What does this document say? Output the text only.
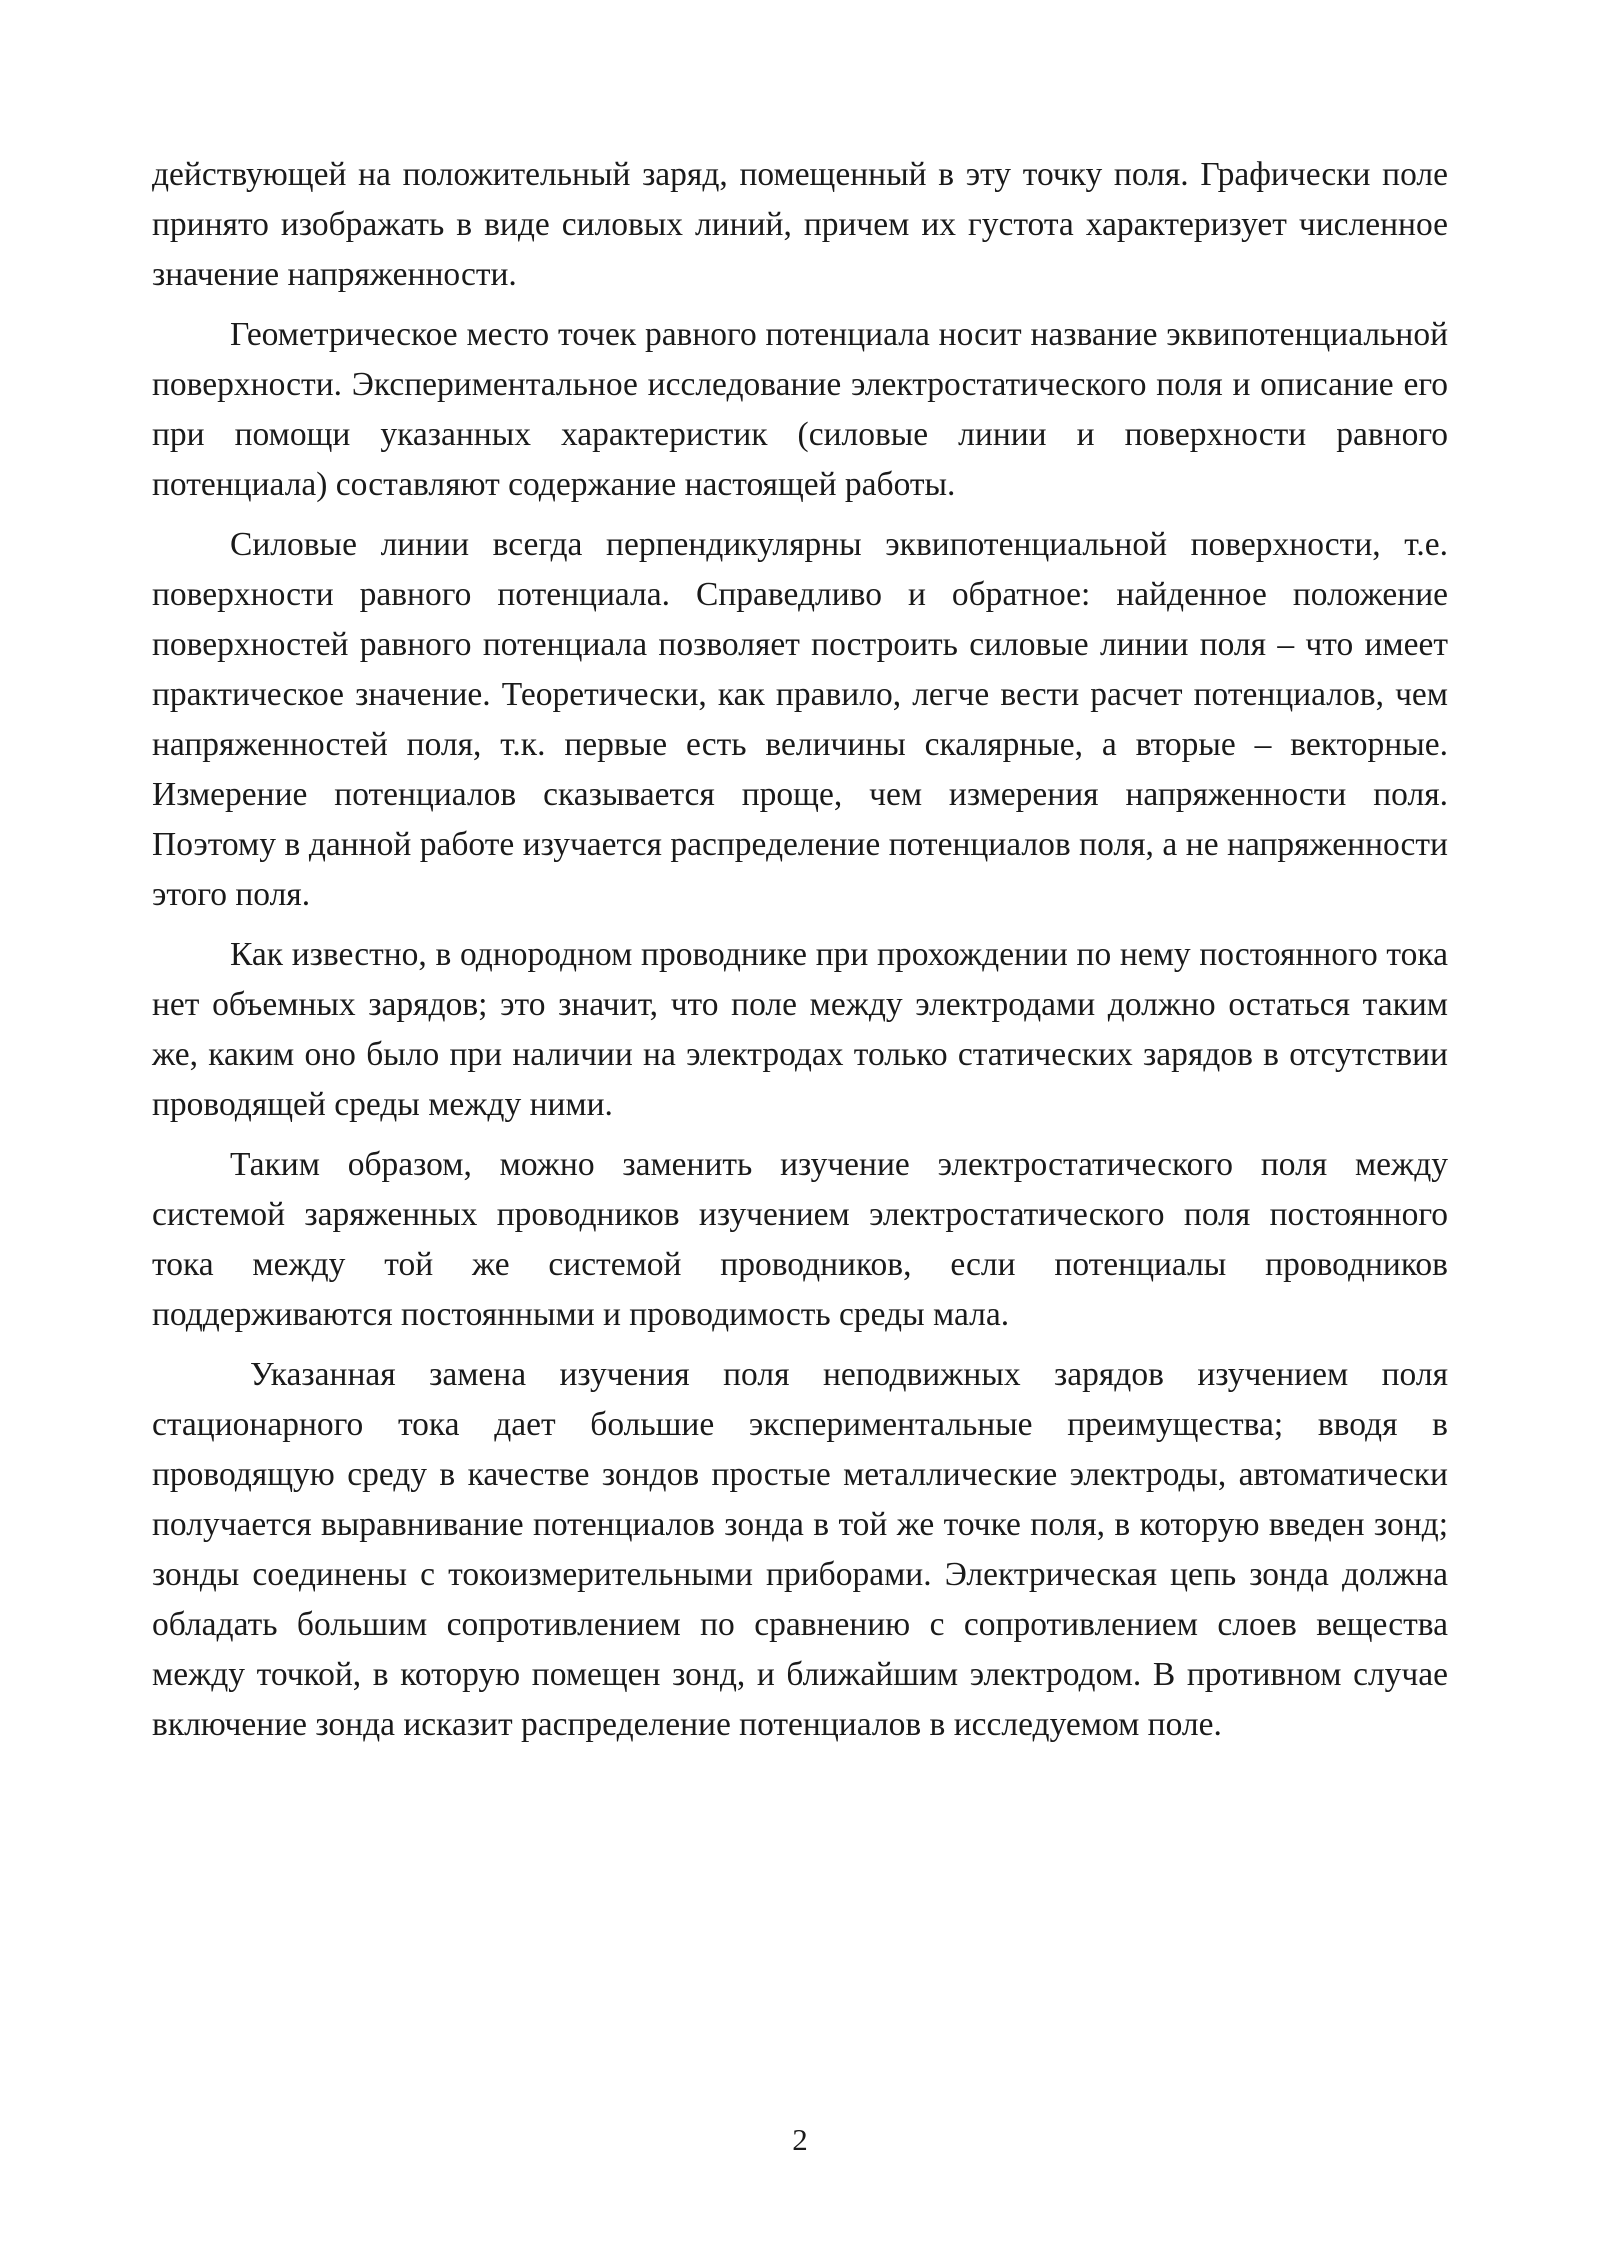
действующей на положительный заряд, помещенный в эту точку поля. Графически поле принято изображать в виде силовых линий, причем их густота характеризует численное значение напряженности.

Геометрическое место точек равного потенциала носит название эквипотенциальной поверхности. Экспериментальное исследование электростатического поля и описание его при помощи указанных характеристик (силовые линии и поверхности равного потенциала) составляют содержание настоящей работы.

Силовые линии всегда перпендикулярны эквипотенциальной поверхности, т.е. поверхности равного потенциала. Справедливо и обратное: найденное положение поверхностей равного потенциала позволяет построить силовые линии поля – что имеет практическое значение. Теоретически, как правило, легче вести расчет потенциалов, чем напряженностей поля, т.к. первые есть величины скалярные, а вторые – векторные. Измерение потенциалов сказывается проще, чем измерения напряженности поля. Поэтому в данной работе изучается распределение потенциалов поля, а не напряженности этого поля.

Как известно, в однородном проводнике при прохождении по нему постоянного тока нет объемных зарядов; это значит, что поле между электродами должно остаться таким же, каким оно было при наличии на электродах только статических зарядов в отсутствии проводящей среды между ними.

Таким образом, можно заменить изучение электростатического поля между системой заряженных проводников изучением электростатического поля постоянного тока между той же системой проводников, если потенциалы проводников поддерживаются постоянными и проводимость среды мала.

Указанная замена изучения поля неподвижных зарядов изучением поля стационарного тока дает большие экспериментальные преимущества; вводя в проводящую среду в качестве зондов простые металлические электроды, автоматически получается выравнивание потенциалов зонда в той же точке поля, в которую введен зонд; зонды соединены с токоизмерительными приборами. Электрическая цепь зонда должна обладать большим сопротивлением по сравнению с сопротивлением слоев вещества между точкой, в которую помещен зонд, и ближайшим электродом. В противном случае включение зонда исказит распределение потенциалов в исследуемом поле.

2
